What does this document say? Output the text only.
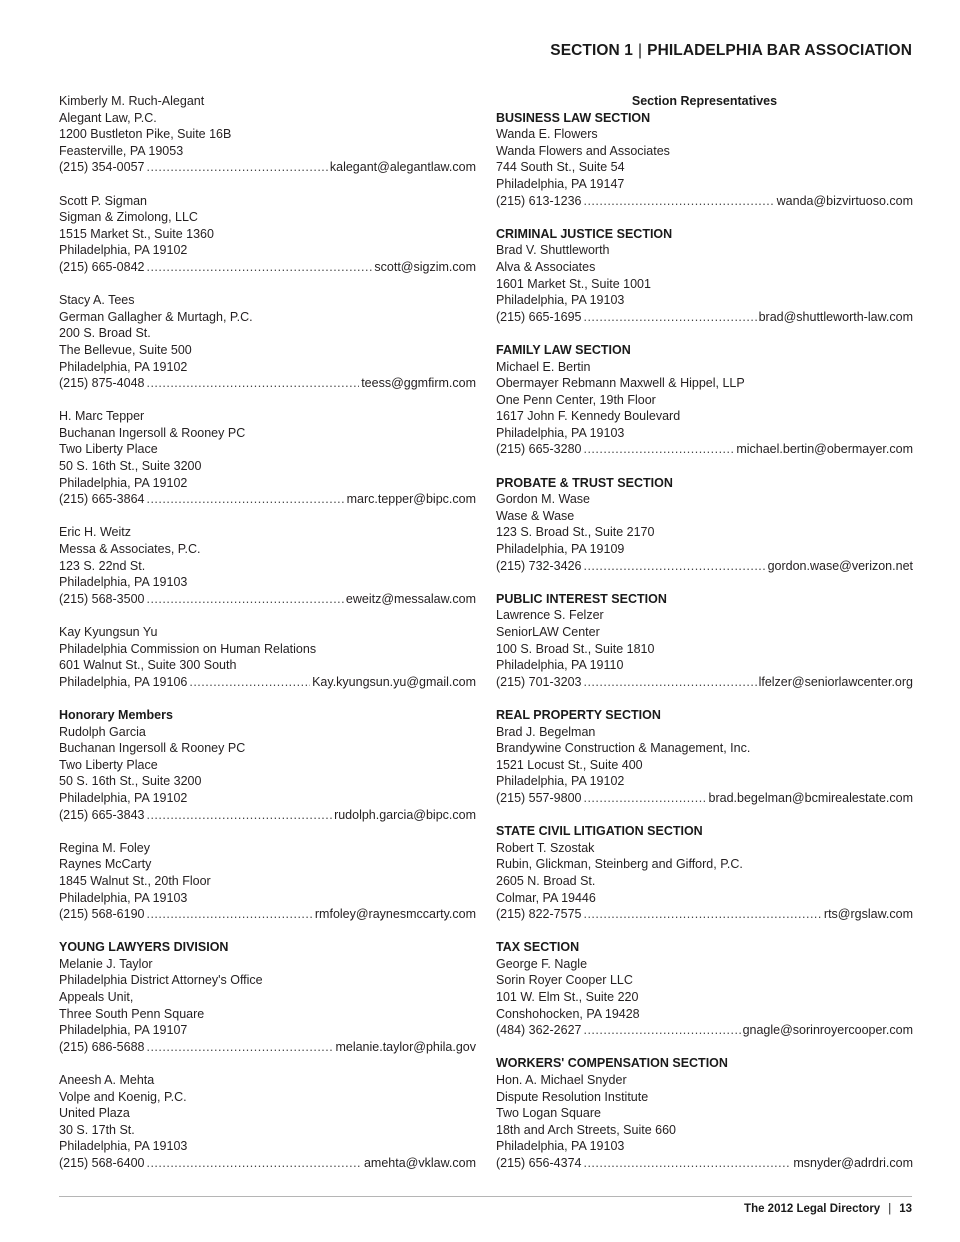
SECTION 1 | PHILADELPHIA BAR ASSOCIATION
Kimberly M. Ruch-Alegant
Alegant Law, P.C.
1200 Bustleton Pike, Suite 16B
Feasterville, PA 19053
(215) 354-0057 .....	kalegant@alegantlaw.com
Scott P. Sigman
Sigman & Zimolong, LLC
1515 Market St., Suite 1360
Philadelphia, PA 19102
(215) 665-0842 .....	scott@sigzim.com
Stacy A. Tees
German Gallagher & Murtagh, P.C.
200 S. Broad St.
The Bellevue, Suite 500
Philadelphia, PA 19102
(215) 875-4048 .....	teess@ggmfirm.com
H. Marc Tepper
Buchanan Ingersoll & Rooney PC
Two Liberty Place
50 S. 16th St., Suite 3200
Philadelphia, PA 19102
(215) 665-3864 .....	marc.tepper@bipc.com
Eric H. Weitz
Messa & Associates, P.C.
123 S. 22nd St.
Philadelphia, PA 19103
(215) 568-3500 .....	eweitz@messalaw.com
Kay Kyungsun Yu
Philadelphia Commission on Human Relations
601 Walnut St., Suite 300 South
Philadelphia, PA 19106 .....	Kay.kyungsun.yu@gmail.com
Honorary Members
Rudolph Garcia
Buchanan Ingersoll & Rooney PC
Two Liberty Place
50 S. 16th St., Suite 3200
Philadelphia, PA 19102
(215) 665-3843 .....	rudolph.garcia@bipc.com
Regina M. Foley
Raynes McCarty
1845 Walnut St., 20th Floor
Philadelphia, PA 19103
(215) 568-6190 .....	rmfoley@raynesmccarty.com
YOUNG LAWYERS DIVISION
Melanie J. Taylor
Philadelphia District Attorney's Office
Appeals Unit,
Three South Penn Square
Philadelphia, PA 19107
(215) 686-5688 .....	melanie.taylor@phila.gov
Aneesh A. Mehta
Volpe and Koenig, P.C.
United Plaza
30 S. 17th St.
Philadelphia, PA 19103
(215) 568-6400 .....	amehta@vklaw.com
Section Representatives
BUSINESS LAW SECTION
Wanda E. Flowers
Wanda Flowers and Associates
744 South St., Suite 54
Philadelphia, PA 19147
(215) 613-1236 .....	wanda@bizvirtuoso.com
CRIMINAL JUSTICE SECTION
Brad V. Shuttleworth
Alva & Associates
1601 Market St., Suite 1001
Philadelphia, PA 19103
(215) 665-1695 .....	brad@shuttleworth-law.com
FAMILY LAW SECTION
Michael E. Bertin
Obermayer Rebmann Maxwell & Hippel, LLP
One Penn Center, 19th Floor
1617 John F. Kennedy Boulevard
Philadelphia, PA 19103
(215) 665-3280 .....	michael.bertin@obermayer.com
PROBATE & TRUST SECTION
Gordon M. Wase
Wase & Wase
123 S. Broad St., Suite 2170
Philadelphia, PA 19109
(215) 732-3426 .....	gordon.wase@verizon.net
PUBLIC INTEREST SECTION
Lawrence S. Felzer
SeniorLAW Center
100 S. Broad St., Suite 1810
Philadelphia, PA 19110
(215) 701-3203 .....	lfelzer@seniorlawcenter.org
REAL PROPERTY SECTION
Brad J. Begelman
Brandywine Construction & Management, Inc.
1521 Locust St., Suite 400
Philadelphia, PA 19102
(215) 557-9800 .....	brad.begelman@bcmirealestate.com
STATE CIVIL LITIGATION SECTION
Robert T. Szostak
Rubin, Glickman, Steinberg and Gifford, P.C.
2605 N. Broad St.
Colmar, PA 19446
(215) 822-7575 .....	rts@rgslaw.com
TAX SECTION
George F. Nagle
Sorin Royer Cooper LLC
101 W. Elm St., Suite 220
Conshohocken, PA 19428
(484) 362-2627 .....	gnagle@sorinroyercooper.com
WORKERS' COMPENSATION SECTION
Hon. A. Michael Snyder
Dispute Resolution Institute
Two Logan Square
18th and Arch Streets, Suite 660
Philadelphia, PA 19103
(215) 656-4374 .....	msnyder@adrdri.com
The 2012 Legal Directory | 13
